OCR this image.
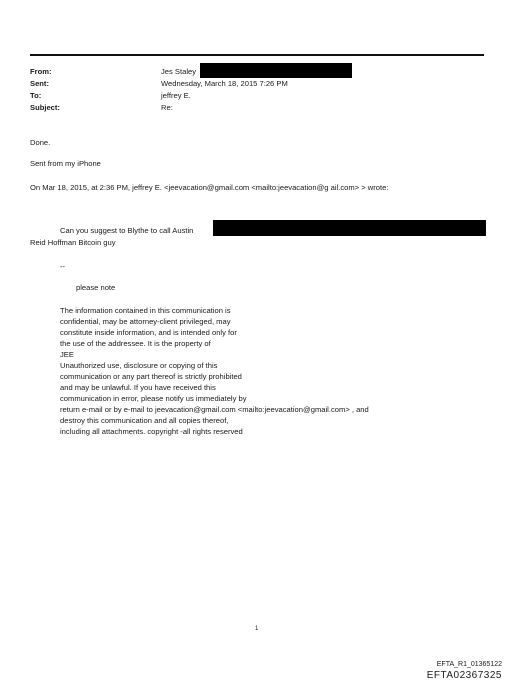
From:
Sent:
To:
Subject:
Jes Staley
Wednesday, March 18, 2015 7:26 PM
jeffrey E.
Re:
Done.
Sent from my iPhone
On Mar 18, 2015, at 2:36 PM, jeffrey E. <jeevacation@gmail.com <mailto:jeevacation@g ail.com> > wrote:
Can you suggest to Blythe to call Austin
Reid Hoffman Bitcoin guy
--
please note
The information contained in this communication is
confidential, may be attorney-client privileged, may
constitute inside information, and is intended only for
the use of the addressee. It is the property of
JEE
Unauthorized use, disclosure or copying of this
communication or any part thereof is strictly prohibited
and may be unlawful. If you have received this
communication in error, please notify us immediately by
return e-mail or by e-mail to jeevacation@gmail.com <mailto:jeevacation@gmail.com> , and
destroy this communication and all copies thereof,
including all attachments. copyright -all rights reserved
1
EFTA_R1_01365122
EFTA02367325
